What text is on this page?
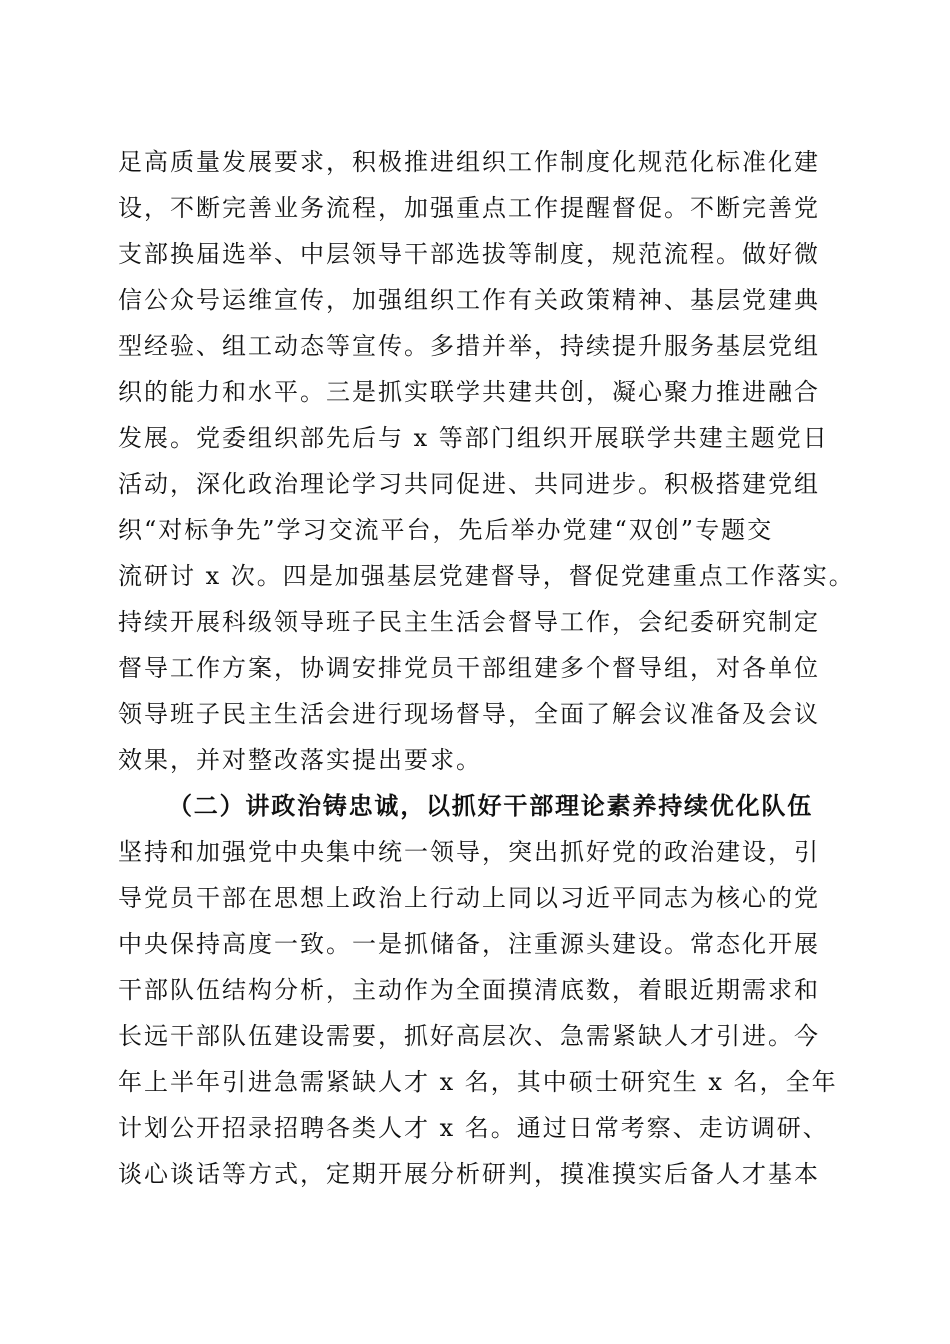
足高质量发展要求，积极推进组织工作制度化规范化标准化建
设，不断完善业务流程，加强重点工作提醒督促。不断完善党
支部换届选举、中层领导干部选拔等制度，规范流程。做好微
信公众号运维宣传，加强组织工作有关政策精神、基层党建典
型经验、组工动态等宣传。多措并举，持续提升服务基层党组
织的能力和水平。三是抓实联学共建共创，凝心聚力推进融合
发展。党委组织部先后与 x 等部门组织开展联学共建主题党日
活动，深化政治理论学习共同促进、共同进步。积极搭建党组
织“对标争先”学习交流平台，先后举办党建“双创”专题交
流研讨 x 次。四是加强基层党建督导，督促党建重点工作落实。
持续开展科级领导班子民主生活会督导工作，会纪委研究制定
督导工作方案，协调安排党员干部组建多个督导组，对各单位
领导班子民主生活会进行现场督导，全面了解会议准备及会议
效果，并对整改落实提出要求。
（二）讲政治铸忠诚，以抓好干部理论素养持续优化队伍
坚持和加强党中央集中统一领导，突出抓好党的政治建设，引
导党员干部在思想上政治上行动上同以习近平同志为核心的党
中央保持高度一致。一是抓储备，注重源头建设。常态化开展
干部队伍结构分析，主动作为全面摸清底数，着眼近期需求和
长远干部队伍建设需要，抓好高层次、急需紧缺人才引进。今
年上半年引进急需紧缺人才 x 名，其中硕士研究生 x 名，全年
计划公开招录招聘各类人才 x 名。通过日常考察、走访调研、
谈心谈话等方式，定期开展分析研判，摸准摸实后备人才基本
